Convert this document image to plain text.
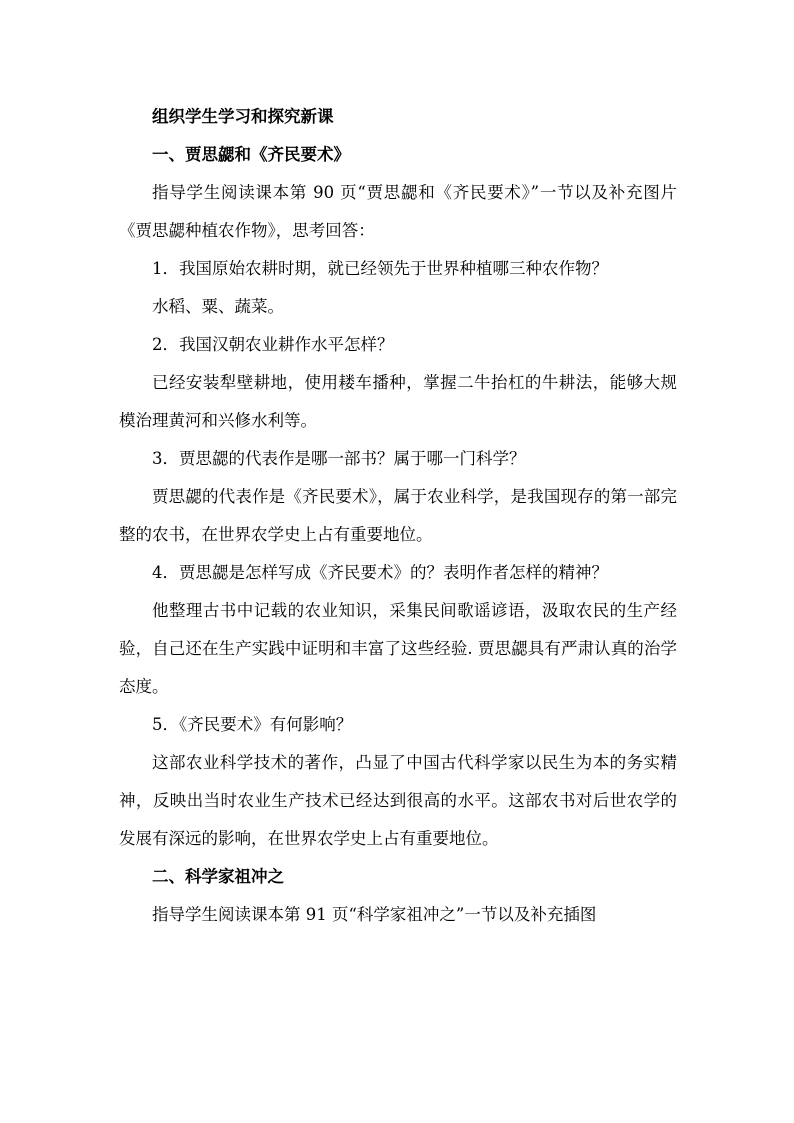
组织学生学习和探究新课

一、贾思勰和《齐民要术》

指导学生阅读课本第 90 页“贾思勰和《齐民要术》”一节以及补充图片《贾思勰种植农作物》，思考回答：

1．我国原始农耕时期，就已经领先于世界种植哪三种农作物？

水稻、粟、蔬菜。

2．我国汉朝农业耕作水平怎样？

已经安装犁壁耕地，使用耧车播种，掌握二牛抬杠的牛耕法，能够大规模治理黄河和兴修水利等。

3．贾思勰的代表作是哪一部书？属于哪一门科学？

贾思勰的代表作是《齐民要术》，属于农业科学，是我国现存的第一部完整的农书，在世界农学史上占有重要地位。

4．贾思勰是怎样写成《齐民要术》的？表明作者怎样的精神？

他整理古书中记载的农业知识，采集民间歌谣谚语，汲取农民的生产经验，自己还在生产实践中证明和丰富了这些经验. 贾思勰具有严肃认真的治学态度。

5．《齐民要术》有何影响？

这部农业科学技术的著作，凸显了中国古代科学家以民生为本的务实精神，反映出当时农业生产技术已经达到很高的水平。这部农书对后世农学的发展有深远的影响，在世界农学史上占有重要地位。

二、科学家祖冲之

指导学生阅读课本第 91 页“科学家祖冲之”一节以及补充插图
